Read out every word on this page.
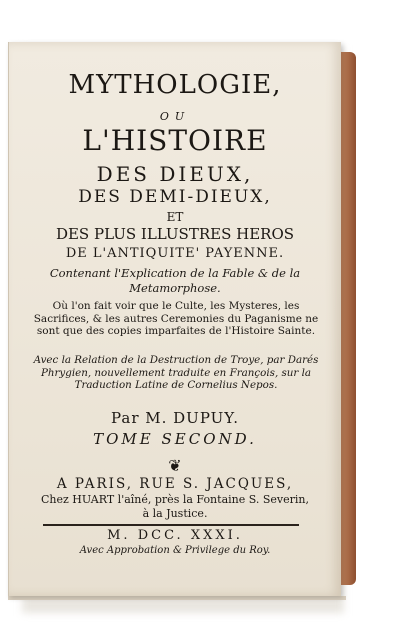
MYTHOLOGIE,
OU
L'HISTOIRE
DES DIEUX,
DES DEMI-DIEUX,
ET
DES PLUS ILLUSTRES HEROS
DE L'ANTIQUITE' PAYENNE.
Contenant l'Explication de la Fable & de la
Metamorphose.
Où l'on fait voir que le Culte, les Mysteres, les Sacrifices, & les autres Ceremonies du Paganisme ne sont que des copies imparfaites de l'Histoire Sainte.
Avec la Relation de la Destruction de Troye, par Darés Phrygien, nouvellement traduite en François, sur la Traduction Latine de Cornelius Nepos.
Par M. DUPUY.
TOME SECOND.
❦
A PARIS, RUE S. JACQUES,
Chez HUART l'aîné, près la Fontaine S. Severin,
à la Justice.
M. DCC. XXXI.
Avec Approbation & Privilege du Roy.
